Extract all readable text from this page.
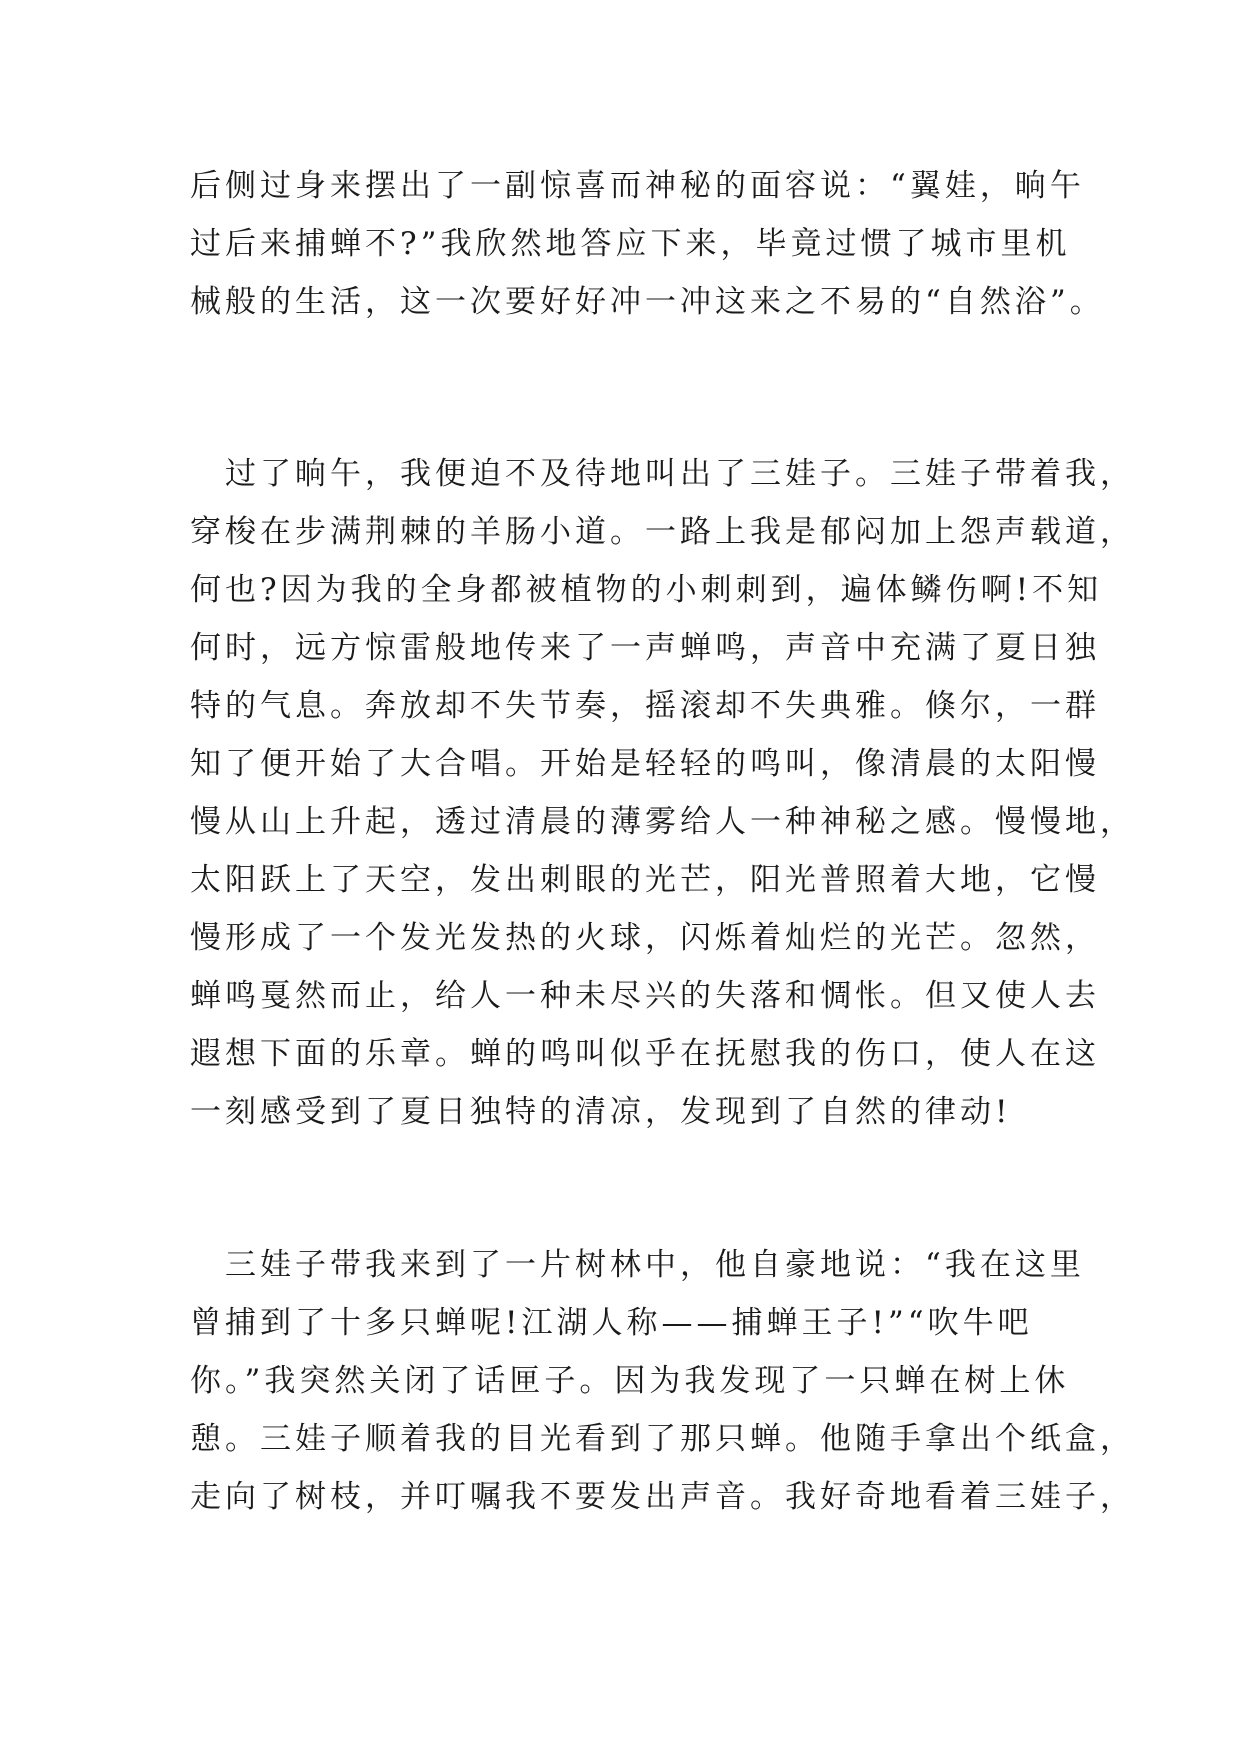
后侧过身来摆出了一副惊喜而神秘的面容说：“翼娃，晌午
过后来捕蝉不?”我欣然地答应下来，毕竟过惯了城市里机
械般的生活，这一次要好好冲一冲这来之不易的“自然浴”。
　过了晌午，我便迫不及待地叫出了三娃子。三娃子带着我，
穿梭在步满荆棘的羊肠小道。一路上我是郁闷加上怨声载道，
何也?因为我的全身都被植物的小刺刺到，遍体鳞伤啊!不知
何时，远方惊雷般地传来了一声蝉鸣，声音中充满了夏日独
特的气息。奔放却不失节奏，摇滚却不失典雅。倏尔，一群
知了便开始了大合唱。开始是轻轻的鸣叫，像清晨的太阳慢
慢从山上升起，透过清晨的薄雾给人一种神秘之感。慢慢地，
太阳跃上了天空，发出刺眼的光芒，阳光普照着大地，它慢
慢形成了一个发光发热的火球，闪烁着灿烂的光芒。忽然，
蝉鸣戛然而止，给人一种未尽兴的失落和惆怅。但又使人去
遐想下面的乐章。蝉的鸣叫似乎在抚慰我的伤口，使人在这
一刻感受到了夏日独特的清凉，发现到了自然的律动!
　三娃子带我来到了一片树林中，他自豪地说：“我在这里
曾捕到了十多只蝉呢!江湖人称——捕蝉王子!”“吹牛吧
你。”我突然关闭了话匣子。因为我发现了一只蝉在树上休
憩。三娃子顺着我的目光看到了那只蝉。他随手拿出个纸盒，
走向了树枝，并叮嘱我不要发出声音。我好奇地看着三娃子，
